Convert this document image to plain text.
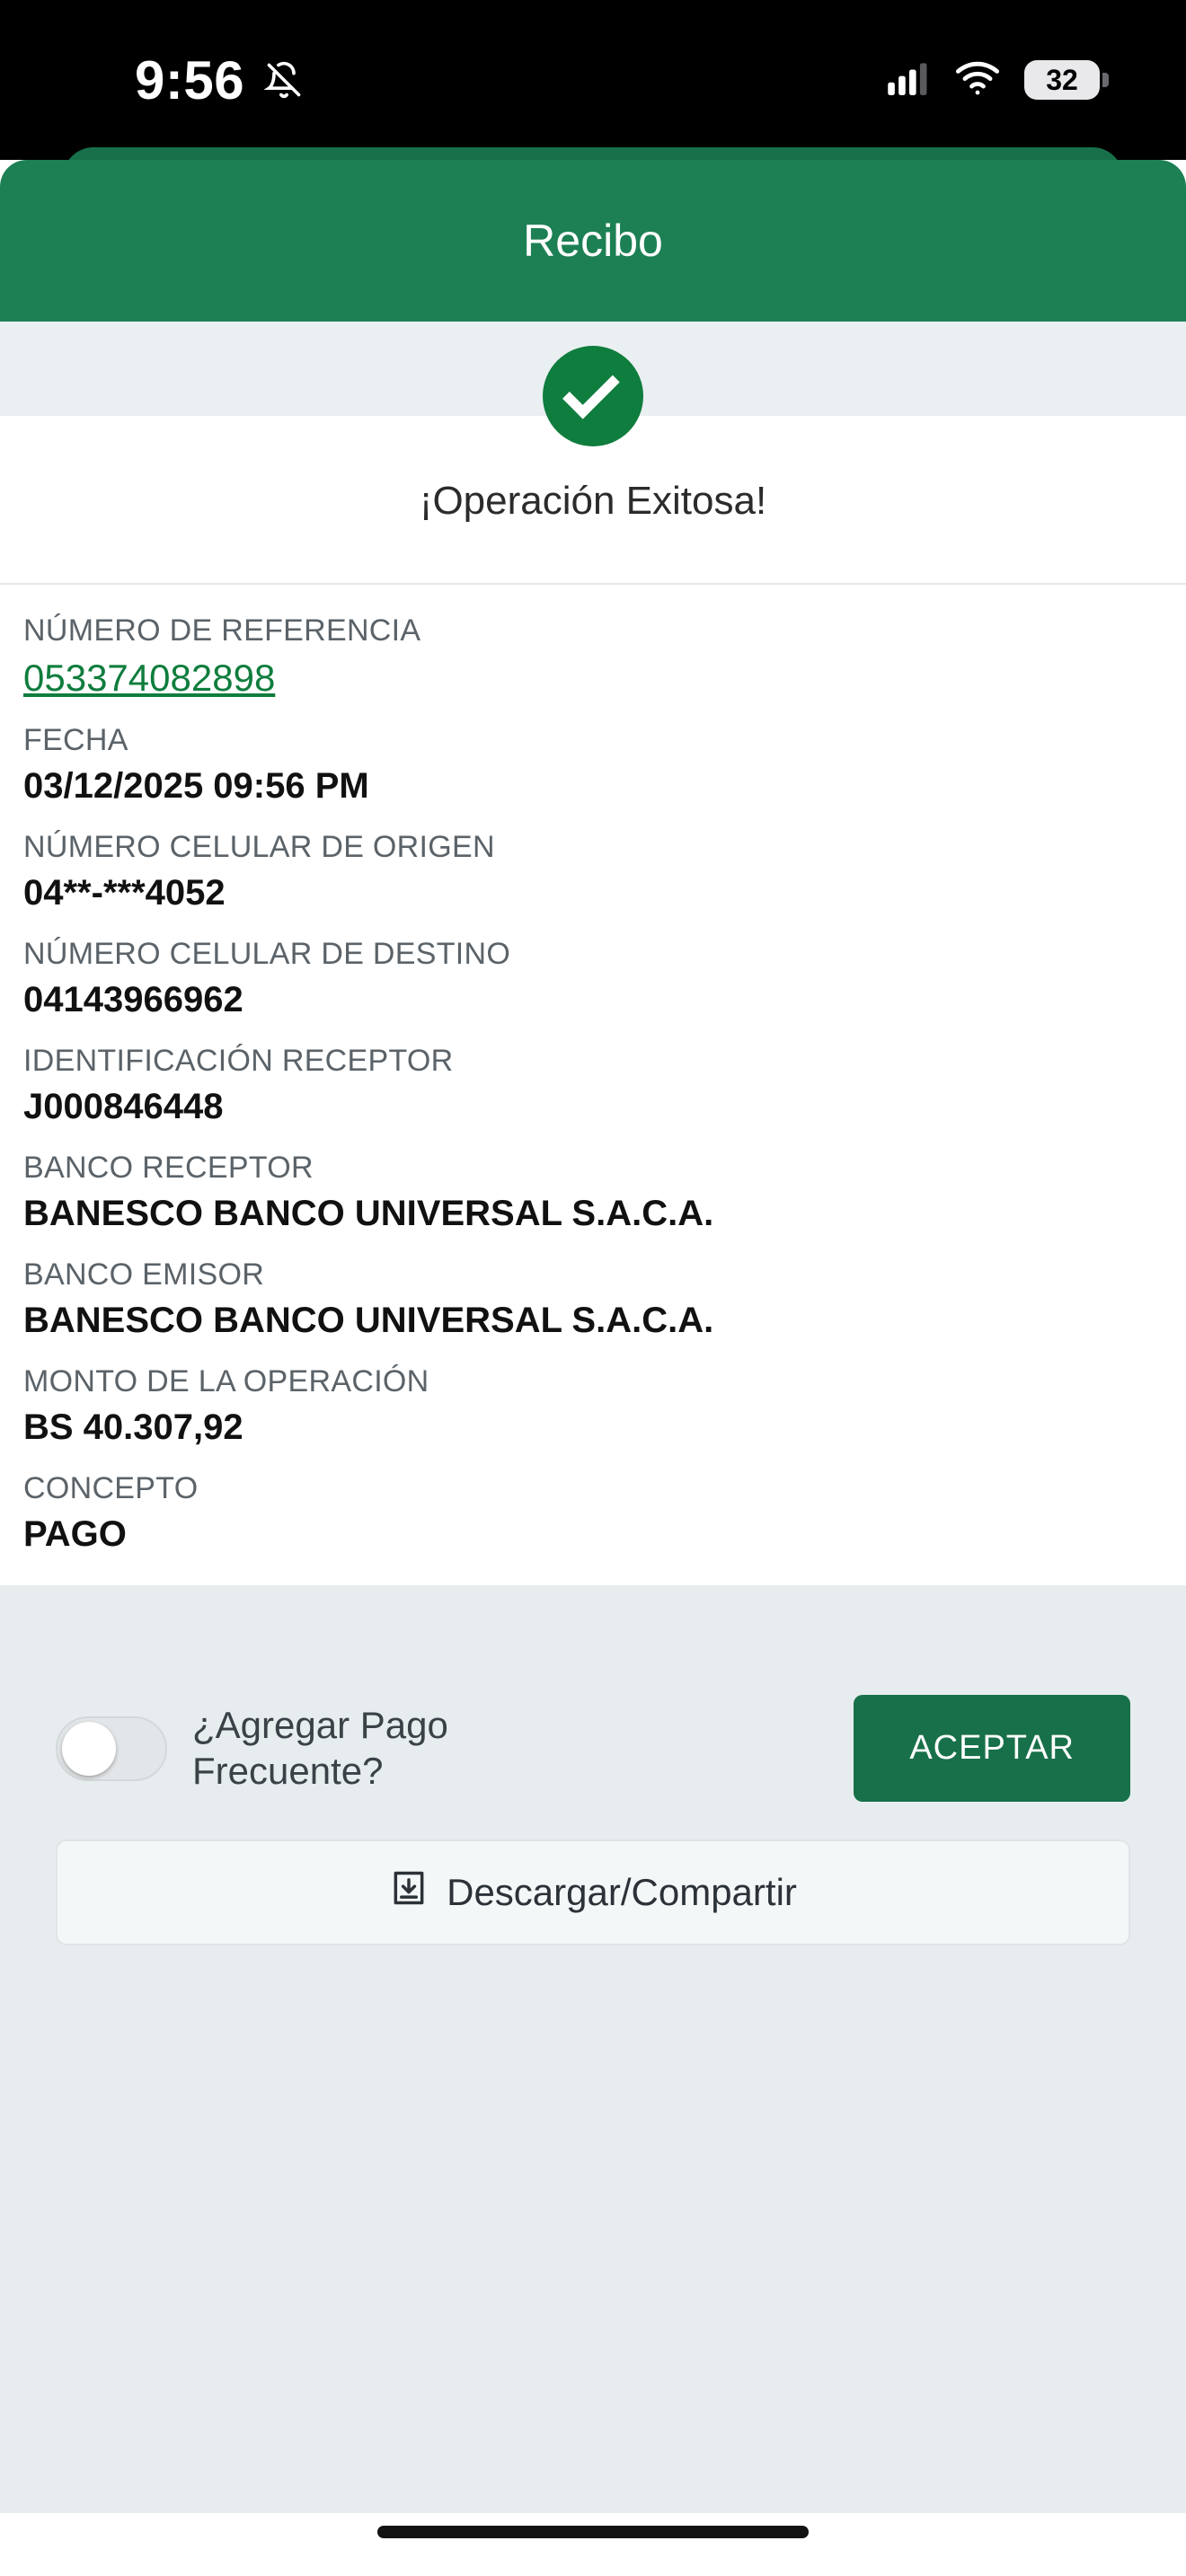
9:56	32
Recibo
¡Operación Exitosa!
NÚMERO DE REFERENCIA
053374082898
FECHA
03/12/2025 09:56 PM
NÚMERO CELULAR DE ORIGEN
04**-***4052
NÚMERO CELULAR DE DESTINO
04143966962
IDENTIFICACIÓN RECEPTOR
J000846448
BANCO RECEPTOR
BANESCO BANCO UNIVERSAL S.A.C.A.
BANCO EMISOR
BANESCO BANCO UNIVERSAL S.A.C.A.
MONTO DE LA OPERACIÓN
BS 40.307,92
CONCEPTO
PAGO
¿Agregar Pago Frecuente?
ACEPTAR
Descargar/Compartir
